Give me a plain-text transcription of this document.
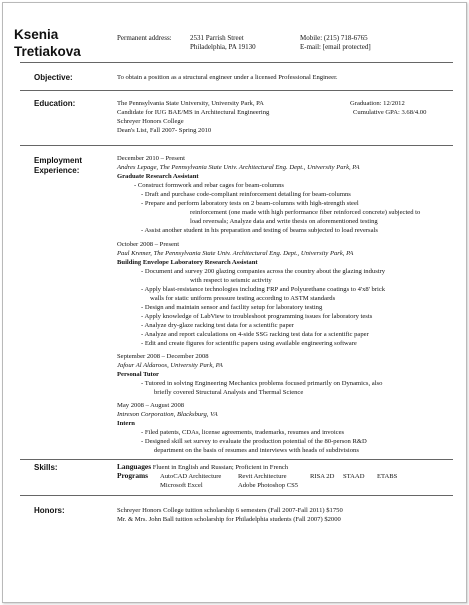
Ksenia
Tretiakova
Permanent address:	2531 Parrish Street
Philadelphia, PA 19130
Mobile: (215) 718-6765
E-mail: [email protected]
Objective:	To obtain a position as a structural engineer under a licensed Professional Engineer.
Education:	The Pennsylvania State University, University Park, PA	Graduation: 12/2012
Candidate for IUG BAE/MS in Architectural Engineering	Cumulative GPA: 3.68/4.00
Schreyer Honors College
Dean's List, Fall 2007- Spring 2010
Employment
Experience:
December 2010 – Present
Andres Lepage, The Pennsylvania State Univ. Architectural Eng. Dept., University Park, PA
Graduate Research Assistant
- Construct formwork and rebar cages for beam-columns
- Draft and purchase code-compliant reinforcement detailing for beam-columns
- Prepare and perform laboratory tests on 2 beam-columns with high-strength steel
reinforcement (one made with high performance fiber reinforced concrete) subjected to
load reversals; Analyze data and write thesis on aforementioned testing
- Assist another student in his preparation and testing of beams subjected to load reversals
October 2008 – Present
Paul Kremer, The Pennsylvania State Univ. Architectural Eng. Dept., University Park, PA
Building Envelope Laboratory Research Assistant
- Document and survey 200 glazing companies across the country about the glazing industry
with respect to seismic activity
- Apply blast-resistance technologies including FRP and Polyurethane coatings to 4'x8' brick
walls for static uniform pressure testing according to ASTM standards
- Design and maintain sensor and facility setup for laboratory testing
- Apply knowledge of LabView to troubleshoot programming issues for laboratory tests
- Analyze dry-glaze racking test data for a scientific paper
- Analyze and report calculations on 4-side SSG racking test data for a scientific paper
- Edit and create figures for scientific papers using available engineering software
September 2008 – December 2008
Jafour Al Aldaroos, University Park, PA
Personal Tutor
- Tutored in solving Engineering Mechanics problems focused primarily on Dynamics, also
briefly covered Structural Analysis and Thermal Science
May 2008 – August 2008
Intrexon Corporation, Blacksburg, VA
Intern
- Filed patents, CDAs, license agreements, trademarks, resumes and invoices
- Designed skill set survey to evaluate the production potential of the 80-person R&D
department on the basis of resumes and interviews with heads of subdivisions
Skills:	Languages Fluent in English and Russian; Proficient in French
Programs AutoCAD Architecture	Revit Architecture	RISA 2D STAAD ETABS
Microsoft Excel	Adobe Photoshop CS5
Honors:	Schreyer Honors College tuition scholarship 6 semesters (Fall 2007-Fall 2011) $1750
Mr. & Mrs. John Ball tuition scholarship for Philadelphia students (Fall 2007) $2000
